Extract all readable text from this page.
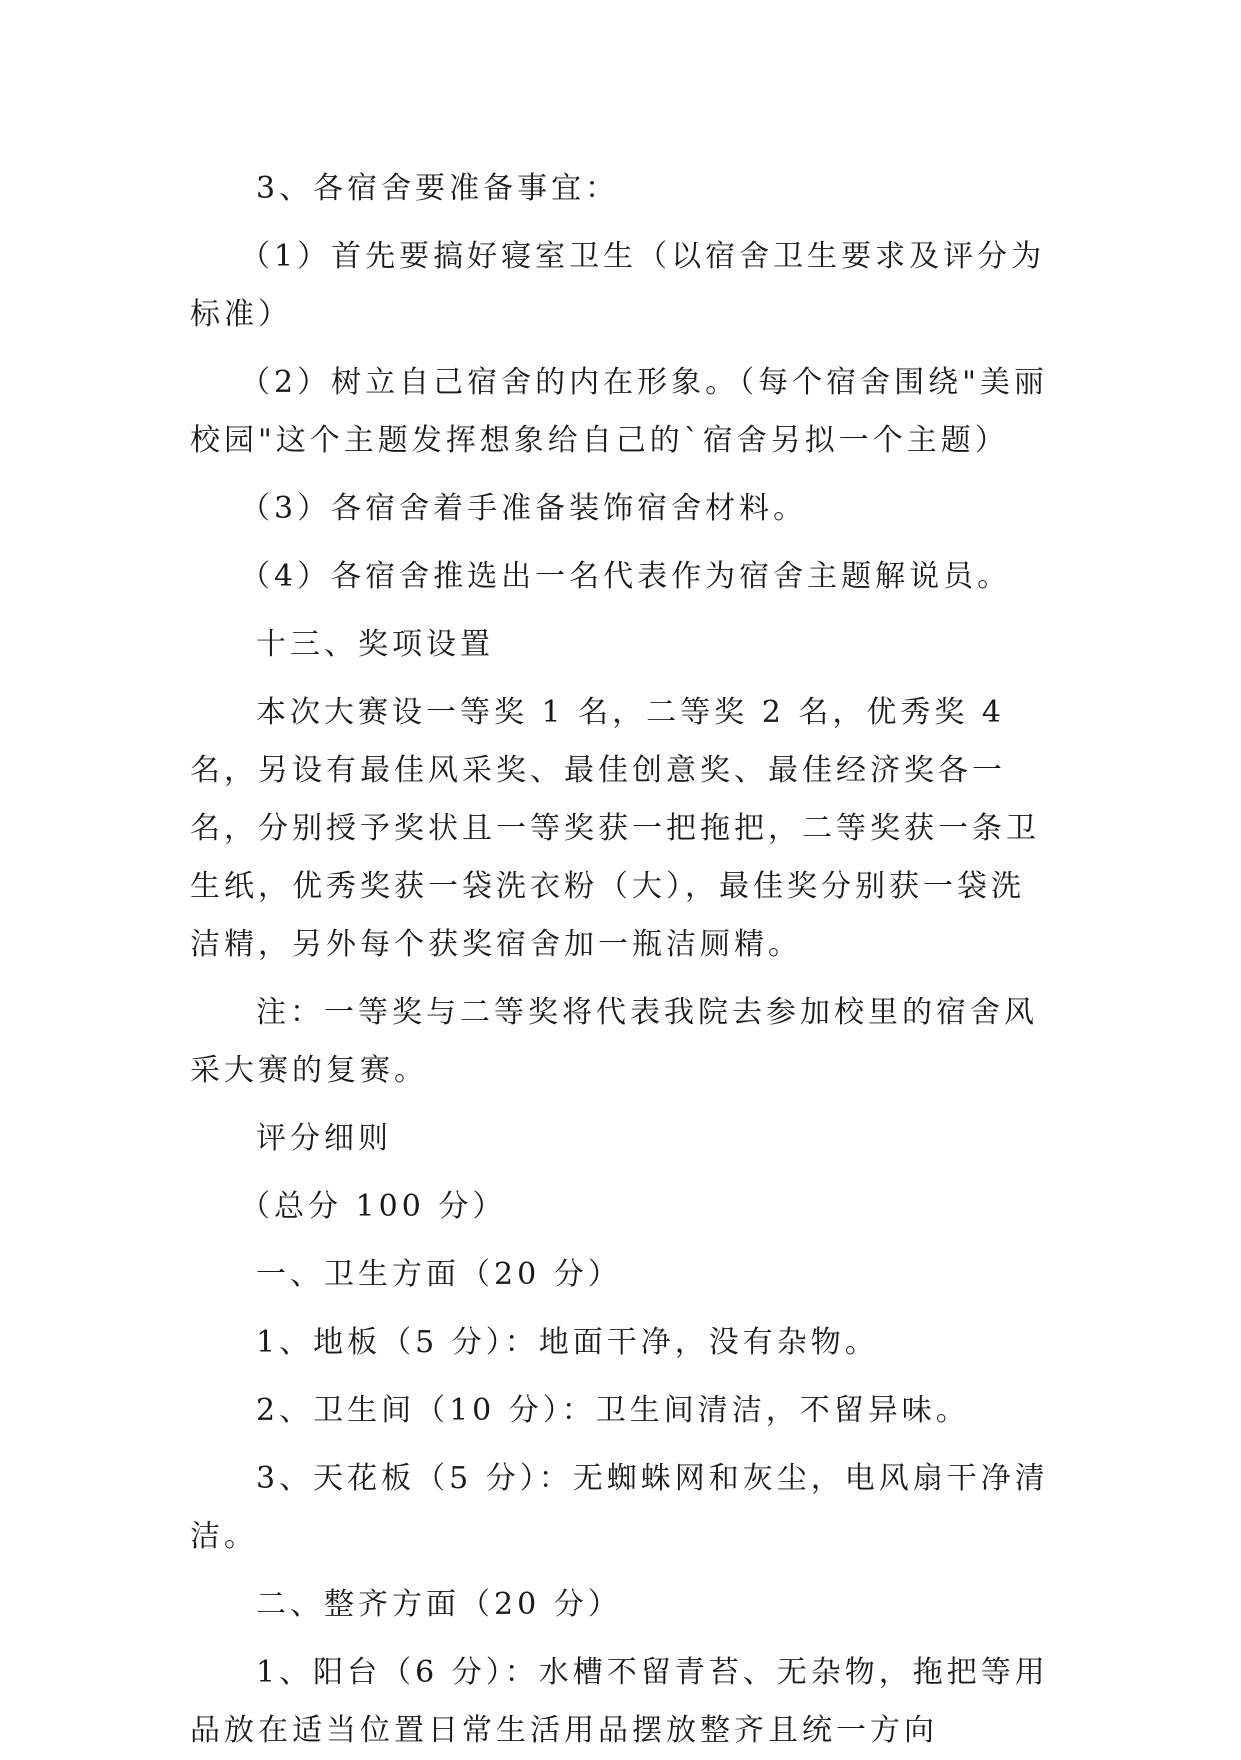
3、各宿舍要准备事宜：

（1）首先要搞好寝室卫生（以宿舍卫生要求及评分为标准）

（2）树立自己宿舍的内在形象。（每个宿舍围绕"美丽校园"这个主题发挥想象给自己的`宿舍另拟一个主题）

（3）各宿舍着手准备装饰宿舍材料。

（4）各宿舍推选出一名代表作为宿舍主题解说员。

十三、奖项设置

本次大赛设一等奖 1 名，二等奖 2 名，优秀奖 4 名，另设有最佳风采奖、最佳创意奖、最佳经济奖各一名，分别授予奖状且一等奖获一把拖把，二等奖获一条卫生纸，优秀奖获一袋洗衣粉（大），最佳奖分别获一袋洗洁精，另外每个获奖宿舍加一瓶洁厕精。

注：一等奖与二等奖将代表我院去参加校里的宿舍风采大赛的复赛。

评分细则

（总分 100 分）

一、卫生方面（20 分）

1、地板（5 分）：地面干净，没有杂物。

2、卫生间（10 分）：卫生间清洁，不留异味。

3、天花板（5 分）：无蜘蛛网和灰尘，电风扇干净清洁。

二、整齐方面（20 分）

1、阳台（6 分）：水槽不留青苔、无杂物，拖把等用品放在适当位置日常生活用品摆放整齐且统一方向
